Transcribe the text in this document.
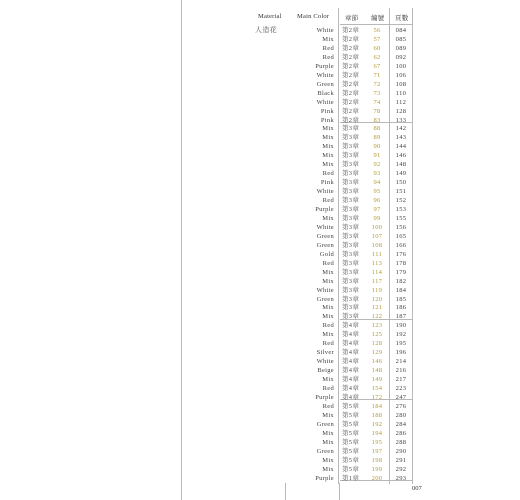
Material Main Color 章節 編號 頁數
人造花	White 第2章	56	084
Mix 第2章	57	085
Red 第2章	60	089
Red 第2章	62	092
Purple 第2章	67	100
White 第2章	71	106
Green 第2章	72	108
Black 第2章	73	110
White 第2章	74	112
Pink 第2章	78	128
Pink 第2章	83	133
Mix 第3章	88	142
Mix 第3章	89	143
Mix 第3章	90	144
Mix 第3章	91	146
Mix 第3章	92	148
Red 第3章	93	149
Pink 第3章	94	150
White 第3章	95	151
Red 第3章	96	152
Purple 第3章	97	153
Mix 第3章	99	155
White 第3章	100	156
Green 第3章	107	165
Green 第3章	108	166
Gold 第3章	111	176
Red 第3章	113	178
Mix 第3章	114	179
Mix 第3章	117	182
White 第3章	119	184
Green 第3章	120	185
Mix 第3章	121	186
Mix 第3章	122	187
Red 第4章	123	190
Mix 第4章	125	192
Red 第4章	128	195
Silver 第4章	129	196
White 第4章	146	214
Beige 第4章	148	216
Mix 第4章	149	217
Red 第4章	154	223
Purple 第4章	172	247
Red 第5章	184	276
Mix 第5章	188	280
Green 第5章	192	284
Mix 第5章	194	286
Mix 第5章	195	288
Green 第5章	197	290
Mix 第5章	198	291
Mix 第5章	199	292
Purple 第1章	200	293
007
